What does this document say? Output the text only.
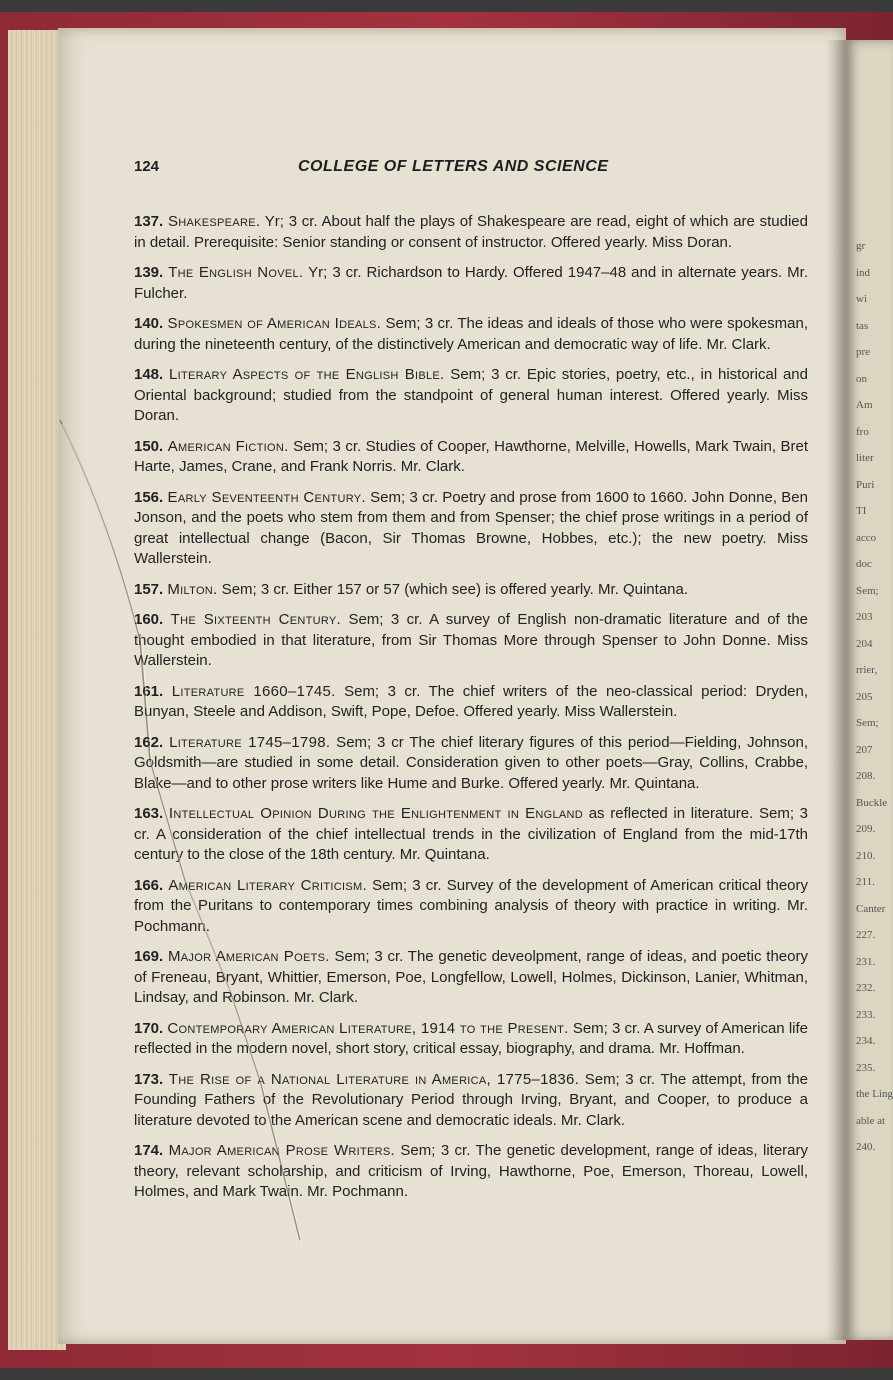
gr
ind
wi
tas
pre
on
Am
fro
liter
Puri
TI
acco
doc
Sem;
203
204
rrier,
205
Sem;
207
208.
Buckle
209.
210.
211.
Canter
227.
231.
232.
233.
234.
235.
the Ling
able at
240.
124	COLLEGE OF LETTERS AND SCIENCE

137. Shakespeare. Yr; 3 cr. About half the plays of Shakespeare are read, eight of which are studied in detail. Prerequisite: Senior standing or consent of instructor. Offered yearly. Miss Doran.

139. The English Novel. Yr; 3 cr. Richardson to Hardy. Offered 1947–48 and in alternate years. Mr. Fulcher.

140. Spokesmen of American Ideals. Sem; 3 cr. The ideas and ideals of those who were spokesman, during the nineteenth century, of the distinctively American and democratic way of life. Mr. Clark.

148. Literary Aspects of the English Bible. Sem; 3 cr. Epic stories, poetry, etc., in historical and Oriental background; studied from the standpoint of general human interest. Offered yearly. Miss Doran.

150. American Fiction. Sem; 3 cr. Studies of Cooper, Hawthorne, Melville, Howells, Mark Twain, Bret Harte, James, Crane, and Frank Norris. Mr. Clark.

156. Early Seventeenth Century. Sem; 3 cr. Poetry and prose from 1600 to 1660. John Donne, Ben Jonson, and the poets who stem from them and from Spenser; the chief prose writings in a period of great intellectual change (Bacon, Sir Thomas Browne, Hobbes, etc.); the new poetry. Miss Wallerstein.

157. Milton. Sem; 3 cr. Either 157 or 57 (which see) is offered yearly. Mr. Quintana.

160. The Sixteenth Century. Sem; 3 cr. A survey of English non-dramatic literature and of the thought embodied in that literature, from Sir Thomas More through Spenser to John Donne. Miss Wallerstein.

161. Literature 1660–1745. Sem; 3 cr. The chief writers of the neo-classical period: Dryden, Bunyan, Steele and Addison, Swift, Pope, Defoe. Offered yearly. Miss Wallerstein.

162. Literature 1745–1798. Sem; 3 cr The chief literary figures of this period—Fielding, Johnson, Goldsmith—are studied in some detail. Consideration given to other poets—Gray, Collins, Crabbe, Blake—and to other prose writers like Hume and Burke. Offered yearly. Mr. Quintana.

163. Intellectual Opinion During the Enlightenment in England as reflected in literature. Sem; 3 cr. A consideration of the chief intellectual trends in the civilization of England from the mid-17th century to the close of the 18th century. Mr. Quintana.

166. American Literary Criticism. Sem; 3 cr. Survey of the development of American critical theory from the Puritans to contemporary times combining analysis of theory with practice in writing. Mr. Pochmann.

169. Major American Poets. Sem; 3 cr. The genetic deveolpment, range of ideas, and poetic theory of Freneau, Bryant, Whittier, Emerson, Poe, Longfellow, Lowell, Holmes, Dickinson, Lanier, Whitman, Lindsay, and Robinson. Mr. Clark.

170. Contemporary American Literature, 1914 to the Present. Sem; 3 cr. A survey of American life reflected in the modern novel, short story, critical essay, biography, and drama. Mr. Hoffman.

173. The Rise of a National Literature in America, 1775–1836. Sem; 3 cr. The attempt, from the Founding Fathers of the Revolutionary Period through Irving, Bryant, and Cooper, to produce a literature devoted to the American scene and democratic ideals. Mr. Clark.

174. Major American Prose Writers. Sem; 3 cr. The genetic development, range of ideas, literary theory, relevant scholarship, and criticism of Irving, Hawthorne, Poe, Emerson, Thoreau, Lowell, Holmes, and Mark Twain. Mr. Pochmann.
